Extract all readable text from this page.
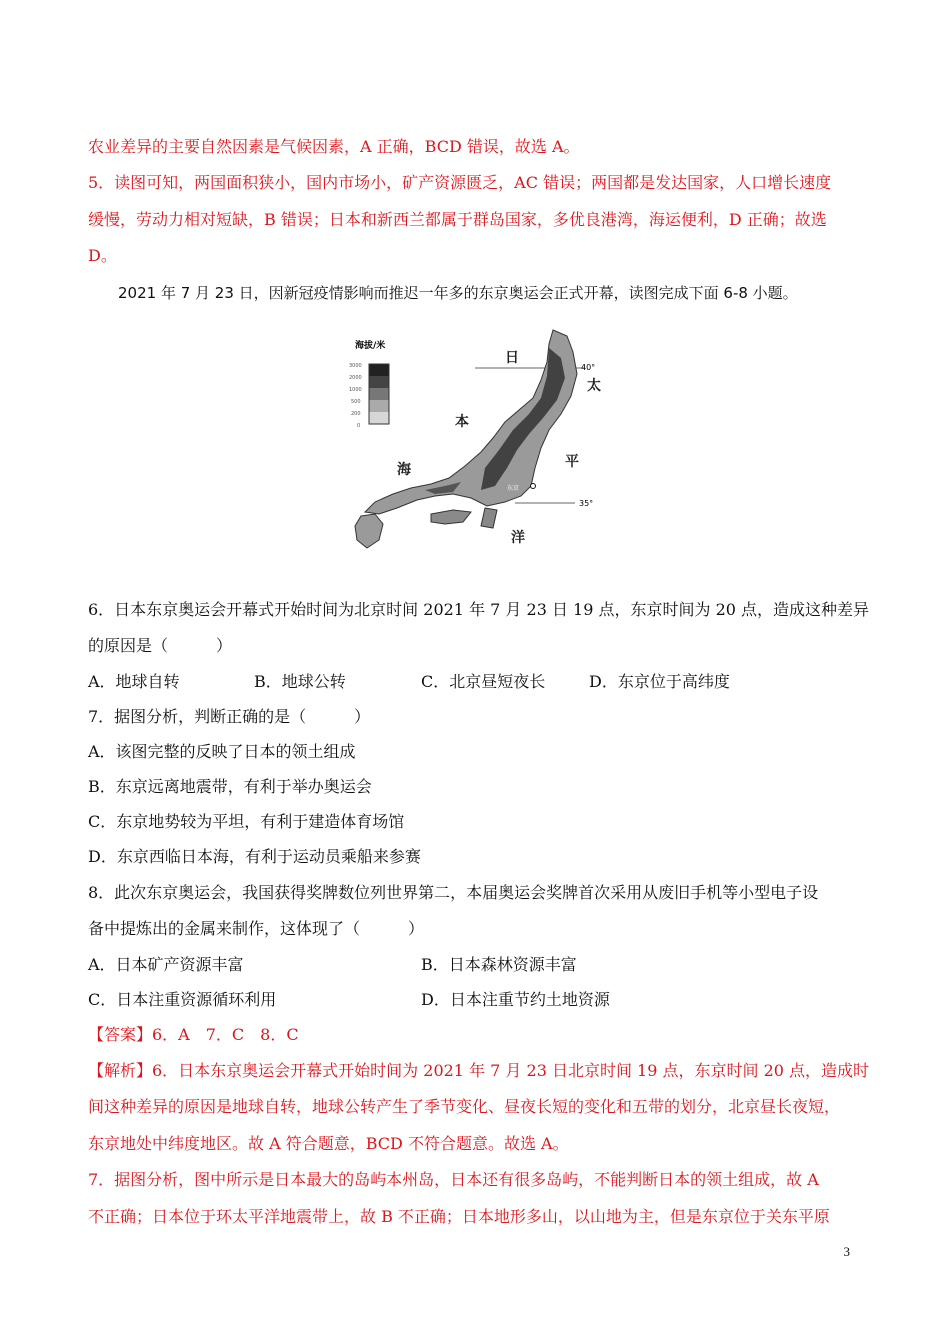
农业差异的主要自然因素是气候因素，A 正确，BCD 错误，故选 A。
5．读图可知，两国面积狭小，国内市场小，矿产资源匮乏，AC 错误；两国都是发达国家，人口增长速度
缓慢，劳动力相对短缺，B 错误；日本和新西兰都属于群岛国家，多优良港湾，海运便利，D 正确；故选
D。
2021 年 7 月 23 日，因新冠疫情影响而推迟一年多的东京奥运会正式开幕，读图完成下面 6-8 小题。
海拔/米
3000
2000
1000
500
200
0
40°
35°
日
本
海
太
平
洋
东京
6．日本东京奥运会开幕式开始时间为北京时间 2021 年 7 月 23 日 19 点，东京时间为 20 点，造成这种差异
的原因是（　　　）
A．地球自转	B．地球公转	C．北京昼短夜长	D．东京位于高纬度
7．据图分析，判断正确的是（　　　）
A．该图完整的反映了日本的领土组成
B．东京远离地震带，有利于举办奥运会
C．东京地势较为平坦，有利于建造体育场馆
D．东京西临日本海，有利于运动员乘船来参赛
8．此次东京奥运会，我国获得奖牌数位列世界第二，本届奥运会奖牌首次采用从废旧手机等小型电子设
备中提炼出的金属来制作，这体现了（　　　）
A．日本矿产资源丰富	B．日本森林资源丰富
C．日本注重资源循环利用	D．日本注重节约土地资源
【答案】6．A　7．C　8．C
【解析】6．日本东京奥运会开幕式开始时间为 2021 年 7 月 23 日北京时间 19 点，东京时间 20 点，造成时
间这种差异的原因是地球自转，地球公转产生了季节变化、昼夜长短的变化和五带的划分，北京昼长夜短，
东京地处中纬度地区。故 A 符合题意，BCD 不符合题意。故选 A。
7．据图分析，图中所示是日本最大的岛屿本州岛，日本还有很多岛屿，不能判断日本的领土组成，故 A
不正确；日本位于环太平洋地震带上，故 B 不正确；日本地形多山，以山地为主，但是东京位于关东平原
3
